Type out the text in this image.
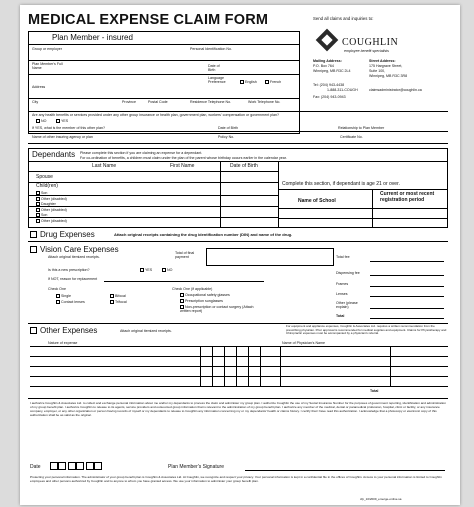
MEDICAL EXPENSE CLAIM FORM
Plan Member - insured
Group or employer	Personal Identification No.
Plan Member's Full Name
Date of Birth
Language Preference	English	French
Address
City	Province	Postal Code	Residence Telephone No.	Work Telephone No.
Are any health benefits or services provided under any other group insurance or health plan, government plan, workers' compensation or government plan?
NO	YES
If YES, what is the member of this other plan?	Date of Birth	Relationship to Plan Member
Name of other insuring agency or plan	Policy No.	Certificate No.
Send all claims and inquiries to:
COUGHLIN
employee benefit specialists
Mailing Address:
P.O. Box 764
Winnipeg, MB R3C 2L4
Street Address:
175 Hargrave Street,
Suite 100,
Winnipeg, MB R3C 3R8
Tel: (204) 943-4438
1-888-311-COUGH	claimsadministrator@coughlin.ca
Fax: (204) 943-0943
Dependants Please complete this section if you are claiming an expense for a dependant.
For co-ordination of benefits, a children must claim under the plan of the parent whose birthday occurs earlier in the calendar year.
Last Name	First Name	Date of Birth
Spouse
Child(ren)
Son
Other (disabled)
Daughter
Other (disabled)
Son
Other (disabled)
Complete this section, if dependant is age 21 or over.
Name of School
Current or most recent registration period
Drug Expenses	Attach original receipts containing the drug identification number (DIN) and name of the drug.
Vision Care Expenses
Attach original itemized receipts.
Total of final payment
Is this a new prescription?	YES	NO
If NOT, reason for replacement
Check One	Check One (if applicable)
Single
Contact lenses
Bifocal
Trifocal
Occupational safety glasses
Prescription sunglasses
Non-prescription or contact surgery (Attach written report)
Total fee
Dispensing fee
Frames
Lenses
Other (please explain)
Total
Other Expenses	Attach original itemized receipts.
For equipment and appliance expenses, Coughlin & Associates Ltd. requires a written recommendation from the prescribing physician. Prior approval is recommended for medical supplies and equipment. Claims for Physiotherapy and Chiropractic expenses must be accompanied by a physician's referral.
Nature of expense	Name of Physician's Name
Total
I authorize Coughlin & Associates Ltd. to collect and exchange personal information about me and/or my dependants to process the claim and administer my group plan. I authorize Coughlin the use of my Social Insurance Number for the purposes of government reporting, identification and administration of my group benefit plan. I authorize Coughlin to release to its agents, service providers and outsourced group information that is relevant to the administration of my group benefit plan. I authorize any member of the medical, dental or paramedical profession, hospital, clinic or facility, or any insurance company, employer, or any other organization or person having records of myself or my dependants to release to Coughlin any information concerning my or my dependants' health or claims history. I certify that I have read this authorization. I acknowledge that a photocopy or electronic copy of this authorization shall be as valid as the original.
Date	Plan Member's Signature
Protecting your personal information. The administrator of your group benefit plan is Coughlin & Associates Ltd. At Coughlin, we recognize and respect your privacy. Your personal information is kept in a confidential file in the offices of Coughlin. Access to your personal information is limited to Coughlin employees and other persons authorized by Coughlin and to anyone to whom you have granted access. We use your information to administer your group benefit plan.
cfp_10/2009_emerge-online.sa
